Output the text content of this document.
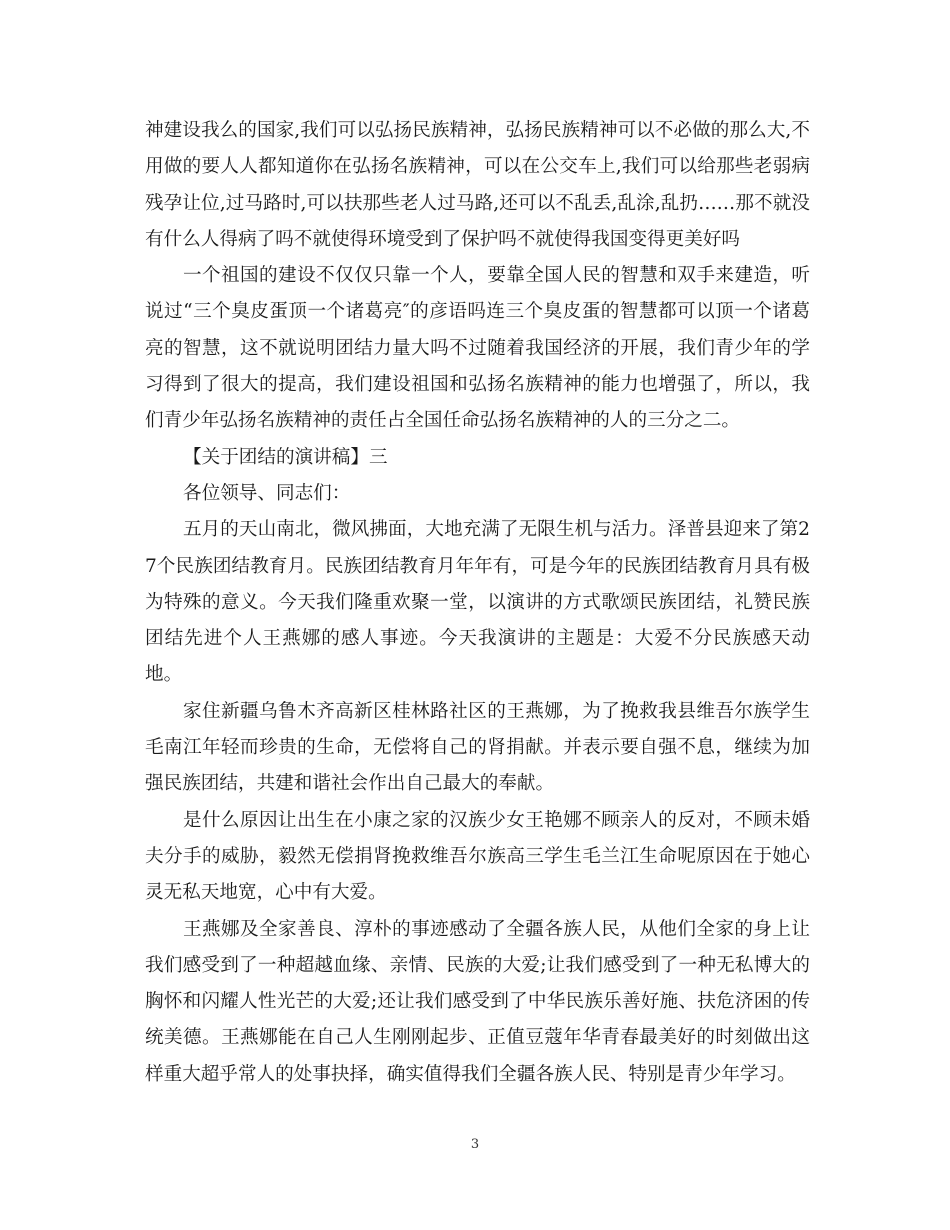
神建设我么的国家,我们可以弘扬民族精神，弘扬民族精神可以不必做的那么大,不用做的要人人都知道你在弘扬名族精神，可以在公交车上,我们可以给那些老弱病残孕让位,过马路时,可以扶那些老人过马路,还可以不乱丢,乱涂,乱扔……那不就没有什么人得病了吗不就使得环境受到了保护吗不就使得我国变得更美好吗

一个祖国的建设不仅仅只靠一个人，要靠全国人民的智慧和双手来建造，听说过“三个臭皮蛋顶一个诸葛亮″的彦语吗连三个臭皮蛋的智慧都可以顶一个诸葛亮的智慧，这不就说明团结力量大吗不过随着我国经济的开展，我们青少年的学习得到了很大的提高，我们建设祖国和弘扬名族精神的能力也增强了，所以，我们青少年弘扬名族精神的责任占全国任命弘扬名族精神的人的三分之二。

【关于团结的演讲稿】三

各位领导、同志们：

五月的天山南北，微风拂面，大地充满了无限生机与活力。泽普县迎来了第27个民族团结教育月。民族团结教育月年年有，可是今年的民族团结教育月具有极为特殊的意义。今天我们隆重欢聚一堂，以演讲的方式歌颂民族团结，礼赞民族团结先进个人王燕娜的感人事迹。今天我演讲的主题是：大爱不分民族感天动地。

家住新疆乌鲁木齐高新区桂林路社区的王燕娜，为了挽救我县维吾尔族学生毛南江年轻而珍贵的生命，无偿将自己的肾捐献。并表示要自强不息，继续为加强民族团结，共建和谐社会作出自己最大的奉献。

是什么原因让出生在小康之家的汉族少女王艳娜不顾亲人的反对，不顾未婚夫分手的威胁，毅然无偿捐肾挽救维吾尔族高三学生毛兰江生命呢原因在于她心灵无私天地宽，心中有大爱。

王燕娜及全家善良、淳朴的事迹感动了全疆各族人民，从他们全家的身上让我们感受到了一种超越血缘、亲情、民族的大爱;让我们感受到了一种无私博大的胸怀和闪耀人性光芒的大爱;还让我们感受到了中华民族乐善好施、扶危济困的传统美德。王燕娜能在自己人生刚刚起步、正值豆蔻年华青春最美好的时刻做出这样重大超乎常人的处事抉择，确实值得我们全疆各族人民、特别是青少年学习。

3
